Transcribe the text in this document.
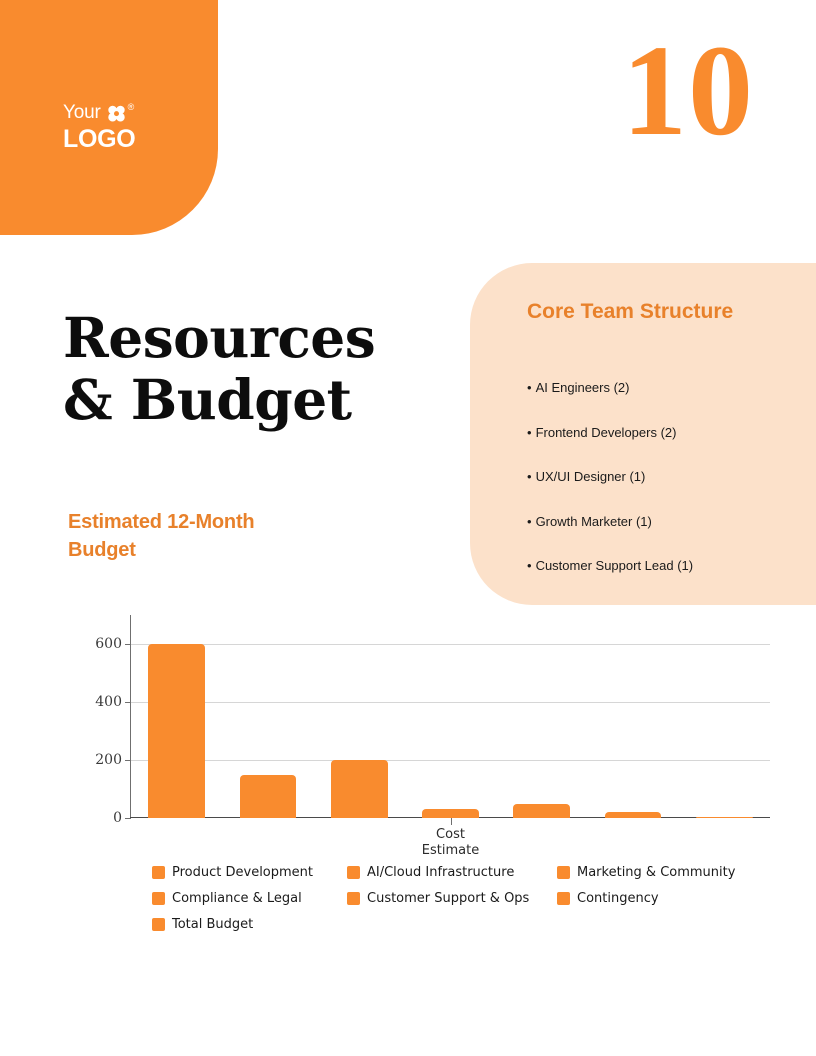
Your	®
LOGO	10
Resources
& Budget
Core Team Structure
• AI Engineers (2)
• Frontend Developers (2)
• UX/UI Designer (1)
• Growth Marketer (1)
• Customer Support Lead (1)
Estimated 12-Month Budget
0
200
400
600
Cost
Estimate
Product Development	AI/Cloud Infrastructure	Marketing & Community
Compliance & Legal	Customer Support & Ops	Contingency
Total Budget
